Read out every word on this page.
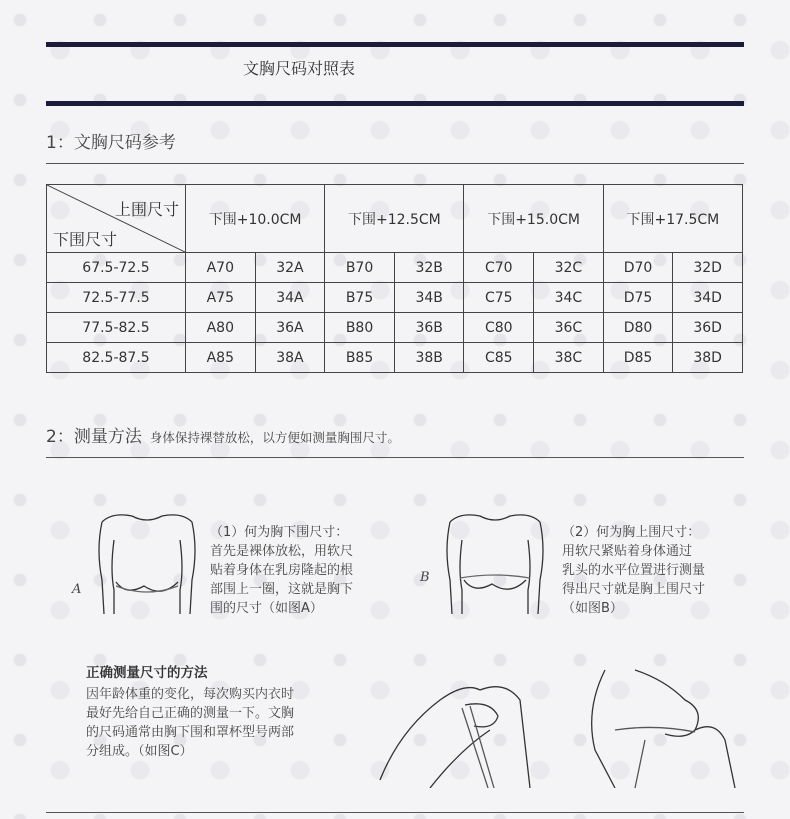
文胸尺码对照表
1：文胸尺码参考
上围尺寸
下围尺寸	下围+10.0CM		下围+12.5CM		下围+15.0CM		下围+17.5CM	
67.5-72.5	A70	32A	B70	32B	C70	32C	D70	32D
72.5-77.5	A75	34A	B75	34B	C75	34C	D75	34D
77.5-82.5	A80	36A	B80	36B	C80	36C	D80	36D
82.5-87.5	A85	38A	B85	38B	C85	38C	D85	38D
2：测量方法 身体保持裸替放松，以方便如测量胸围尺寸。
A
（1）何为胸下围尺寸：
首先是裸体放松，用软尺
贴着身体在乳房隆起的根
部围上一圈，这就是胸下
围的尺寸（如图A）
B
（2）何为胸上围尺寸：
用软尺紧贴着身体通过
乳头的水平位置进行测量
得出尺寸就是胸上围尺寸
（如图B）
正确测量尺寸的方法
因年龄体重的变化，每次购买内衣时
最好先给自己正确的测量一下。文胸
的尺码通常由胸下围和罩杯型号两部
分组成。（如图C）
